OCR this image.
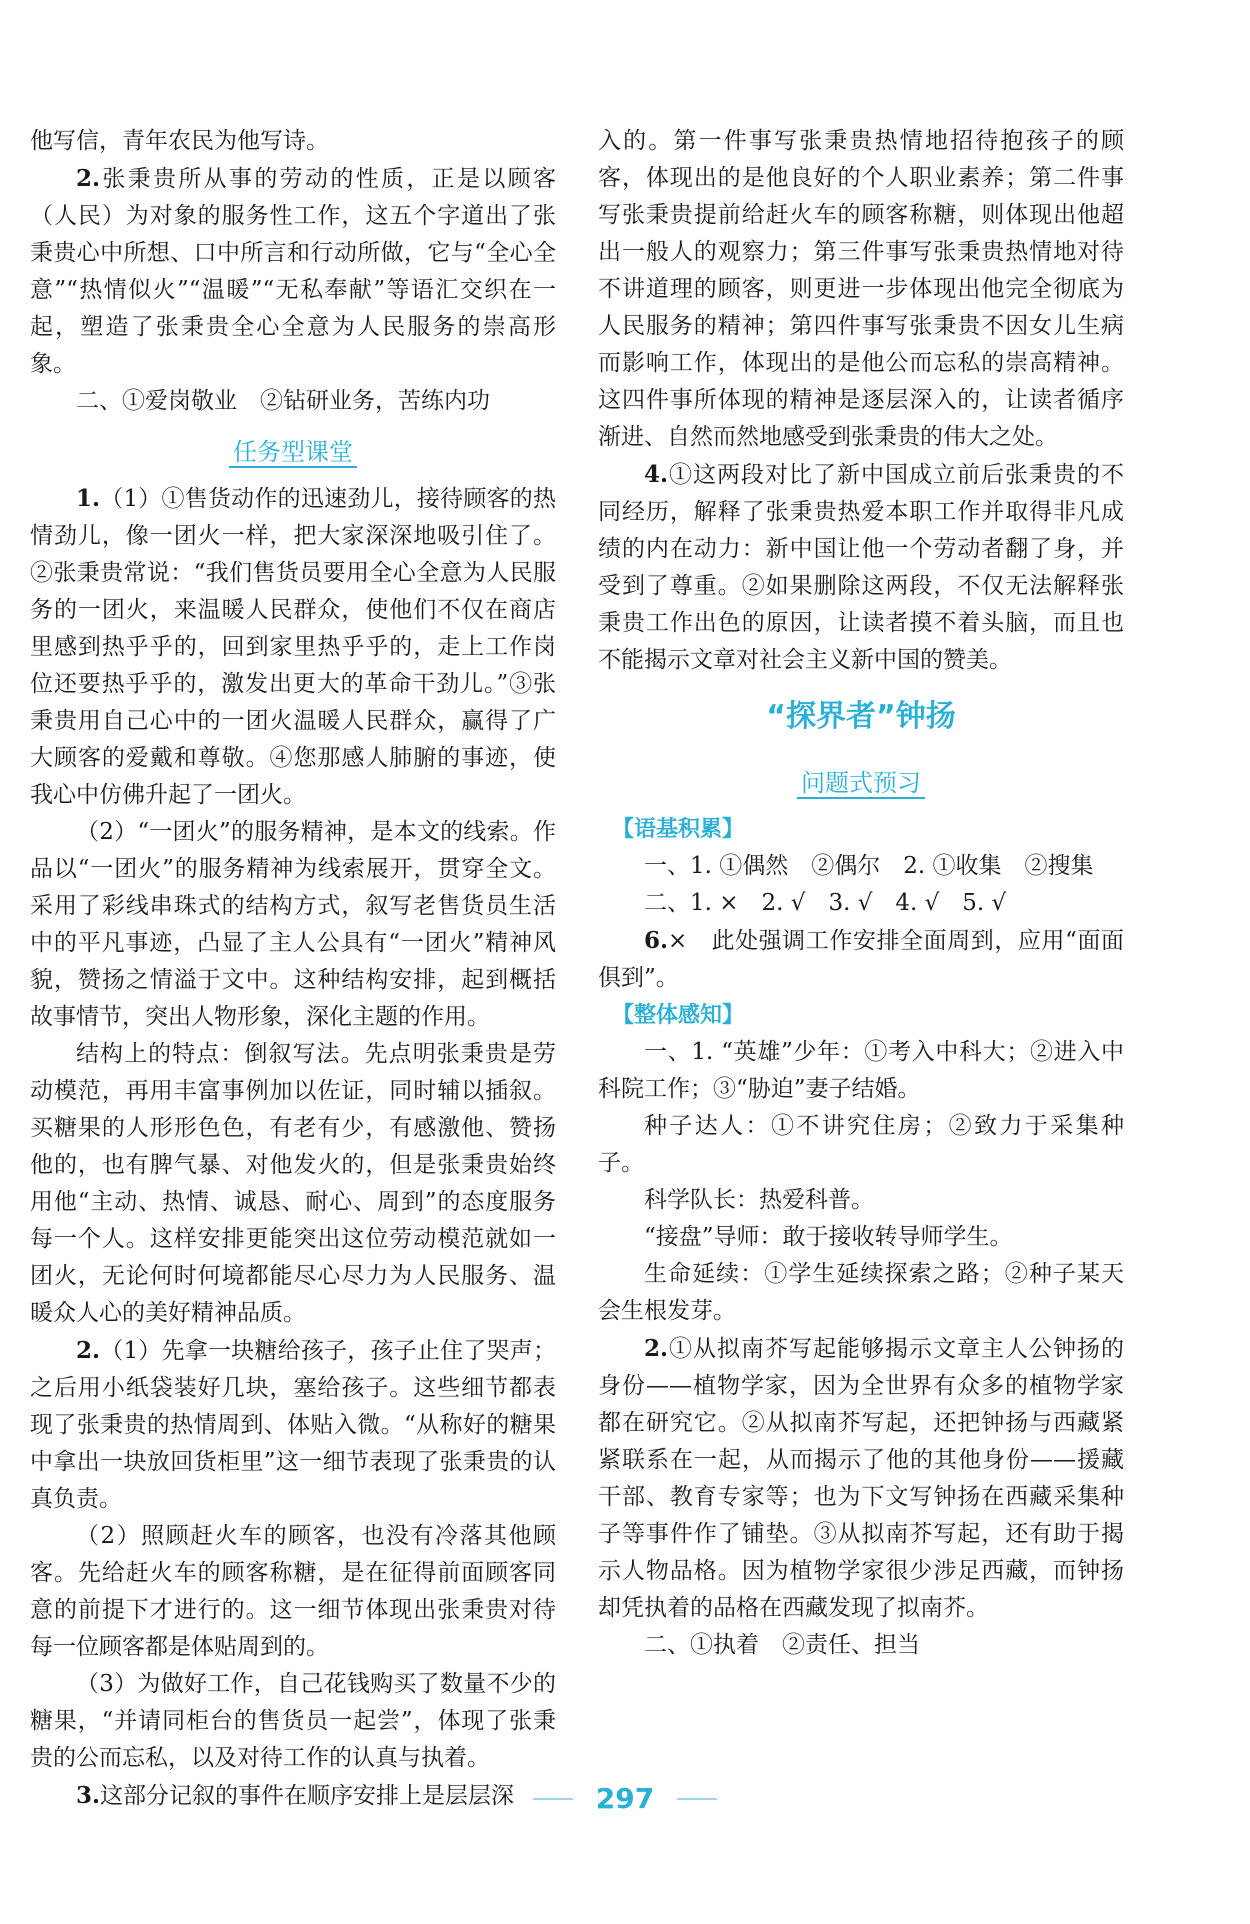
他写信，青年农民为他写诗。

2.张秉贵所从事的劳动的性质，正是以顾客（人民）为对象的服务性工作，这五个字道出了张秉贵心中所想、口中所言和行动所做，它与“全心全意”“热情似火”“温暖”“无私奉献”等语汇交织在一起，塑造了张秉贵全心全意为人民服务的崇高形象。

二、①爱岗敬业　②钻研业务，苦练内功

任务型课堂

1.（1）①售货动作的迅速劲儿，接待顾客的热情劲儿，像一团火一样，把大家深深地吸引住了。②张秉贵常说：“我们售货员要用全心全意为人民服务的一团火，来温暖人民群众，使他们不仅在商店里感到热乎乎的，回到家里热乎乎的，走上工作岗位还要热乎乎的，激发出更大的革命干劲儿。”③张秉贵用自己心中的一团火温暖人民群众，赢得了广大顾客的爱戴和尊敬。④您那感人肺腑的事迹，使我心中仿佛升起了一团火。

（2）“一团火”的服务精神，是本文的线索。作品以“一团火”的服务精神为线索展开，贯穿全文。采用了彩线串珠式的结构方式，叙写老售货员生活中的平凡事迹，凸显了主人公具有“一团火”精神风貌，赞扬之情溢于文中。这种结构安排，起到概括故事情节，突出人物形象，深化主题的作用。

结构上的特点：倒叙写法。先点明张秉贵是劳动模范，再用丰富事例加以佐证，同时辅以插叙。买糖果的人形形色色，有老有少，有感激他、赞扬他的，也有脾气暴、对他发火的，但是张秉贵始终用他“主动、热情、诚恳、耐心、周到”的态度服务每一个人。这样安排更能突出这位劳动模范就如一团火，无论何时何境都能尽心尽力为人民服务、温暖众人心的美好精神品质。

2.（1）先拿一块糖给孩子，孩子止住了哭声；之后用小纸袋装好几块，塞给孩子。这些细节都表现了张秉贵的热情周到、体贴入微。“从称好的糖果中拿出一块放回货柜里”这一细节表现了张秉贵的认真负责。

（2）照顾赶火车的顾客，也没有冷落其他顾客。先给赶火车的顾客称糖，是在征得前面顾客同意的前提下才进行的。这一细节体现出张秉贵对待每一位顾客都是体贴周到的。

（3）为做好工作，自己花钱购买了数量不少的糖果，“并请同柜台的售货员一起尝”，体现了张秉贵的公而忘私，以及对待工作的认真与执着。

3.这部分记叙的事件在顺序安排上是层层深

入的。第一件事写张秉贵热情地招待抱孩子的顾客，体现出的是他良好的个人职业素养；第二件事写张秉贵提前给赶火车的顾客称糖，则体现出他超出一般人的观察力；第三件事写张秉贵热情地对待不讲道理的顾客，则更进一步体现出他完全彻底为人民服务的精神；第四件事写张秉贵不因女儿生病而影响工作，体现出的是他公而忘私的崇高精神。这四件事所体现的精神是逐层深入的，让读者循序渐进、自然而然地感受到张秉贵的伟大之处。

4.①这两段对比了新中国成立前后张秉贵的不同经历，解释了张秉贵热爱本职工作并取得非凡成绩的内在动力：新中国让他一个劳动者翻了身，并受到了尊重。②如果删除这两段，不仅无法解释张秉贵工作出色的原因，让读者摸不着头脑，而且也不能揭示文章对社会主义新中国的赞美。

“探界者”钟扬
问题式预习
【语基积累】

一、1. ①偶然　②偶尔　2. ①收集　②搜集

二、1. ×　2. √　3. √　4. √　5. √

6.×　此处强调工作安排全面周到，应用“面面俱到”。

【整体感知】

一、1. “英雄”少年：①考入中科大；②进入中科院工作；③“胁迫”妻子结婚。

种子达人：①不讲究住房；②致力于采集种子。

科学队长：热爱科普。

“接盘”导师：敢于接收转导师学生。

生命延续：①学生延续探索之路；②种子某天会生根发芽。

2.①从拟南芥写起能够揭示文章主人公钟扬的身份——植物学家，因为全世界有众多的植物学家都在研究它。②从拟南芥写起，还把钟扬与西藏紧紧联系在一起，从而揭示了他的其他身份——援藏干部、教育专家等；也为下文写钟扬在西藏采集种子等事件作了铺垫。③从拟南芥写起，还有助于揭示人物品格。因为植物学家很少涉足西藏，而钟扬却凭执着的品格在西藏发现了拟南芥。

二、①执着　②责任、担当

297
